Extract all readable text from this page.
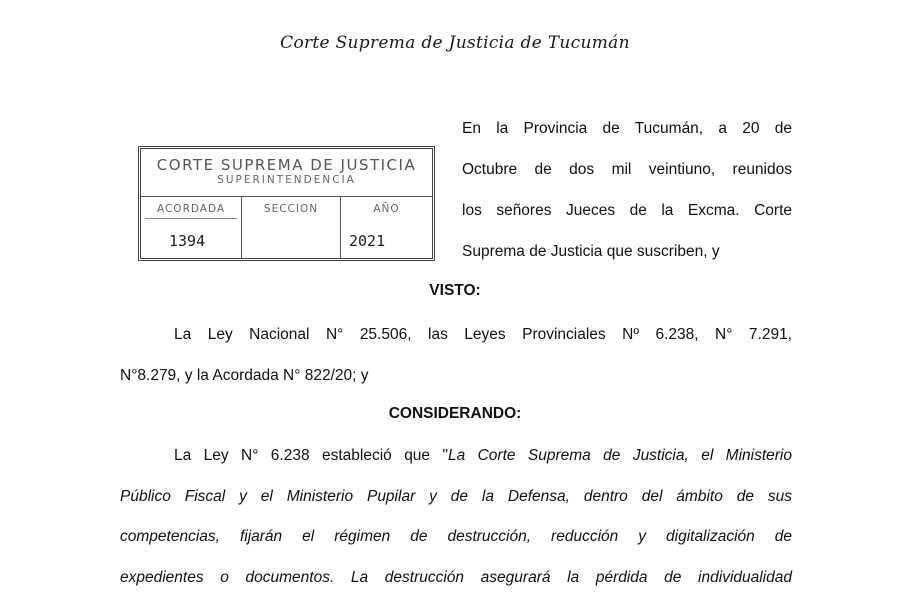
Corte Suprema de Justicia de Tucumán
CORTE SUPREMA DE JUSTICIA
SUPERINTENDENCIA
ACORDADA
1394
SECCION	AÑO
2021
En la Provincia de Tucumán, a 20 de
Octubre de dos mil veintiuno, reunidos
los señores Jueces de la Excma. Corte
Suprema de Justicia que suscriben, y
VISTO:
La Ley Nacional N° 25.506, las Leyes Provinciales Nº 6.238, N° 7.291,
N°8.279, y la Acordada N° 822/20; y
CONSIDERANDO:
La Ley N° 6.238 estableció que "La Corte Suprema de Justicia, el Ministerio
Público Fiscal y el Ministerio Pupilar y de la Defensa, dentro del ámbito de sus
competencias, fijarán el régimen de destrucción, reducción y digitalización de
expedientes o documentos. La destrucción asegurará la pérdida de individualidad
